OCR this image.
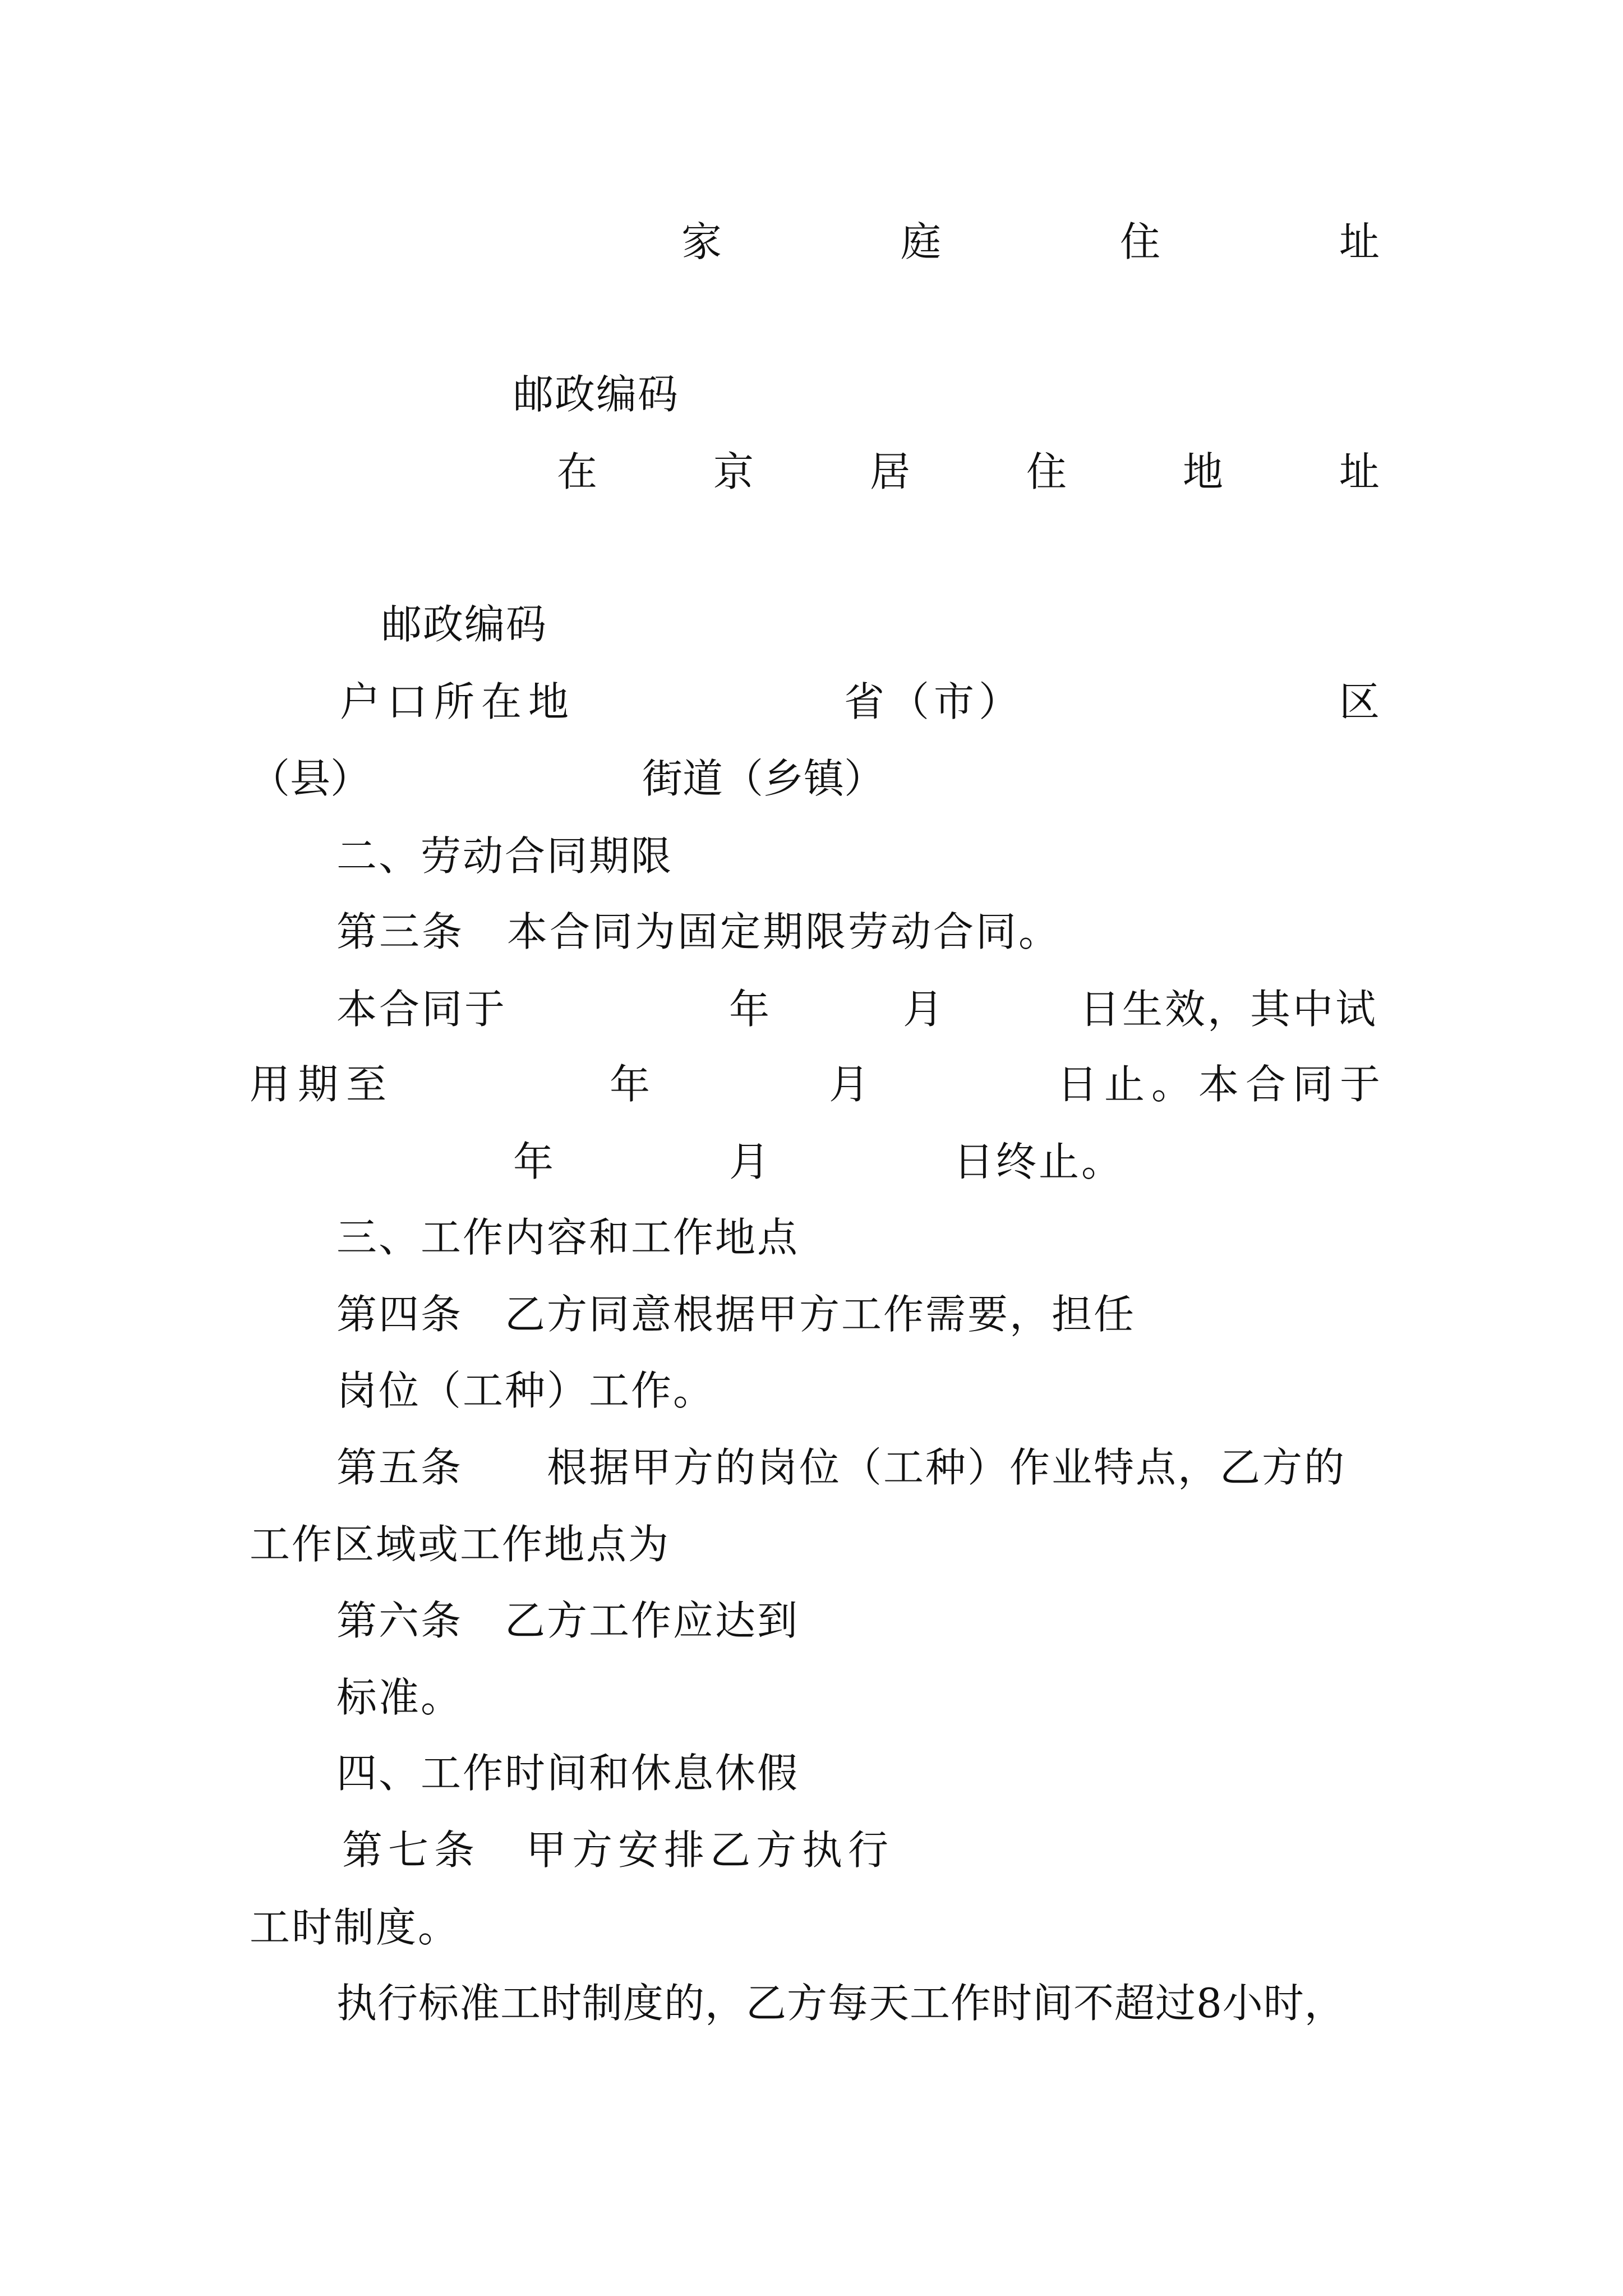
家	庭	住	址
邮政编码
在	京	居	住	地	址
邮政编码

户口所在地

	省（市）

	区

（县）

	街道（乡镇）

二、劳动合同期限
第三条　本合同为固定期限劳动合同。

本合同于

	年

	月

	日生效，其中试

用期至

	年

	月

	日止。本合同于

年

	月

	日终止。

三、工作内容和工作地点
第四条　乙方同意根据甲方工作需要，担任
岗位（工种）工作。
第五条　　根据甲方的岗位（工种）作业特点，乙方的
工作区域或工作地点为
第六条　乙方工作应达到
标准。
四、工作时间和休息休假
第七条　甲方安排乙方执行
工时制度。
执行标准工时制度的，乙方每天工作时间不超过8小时，
